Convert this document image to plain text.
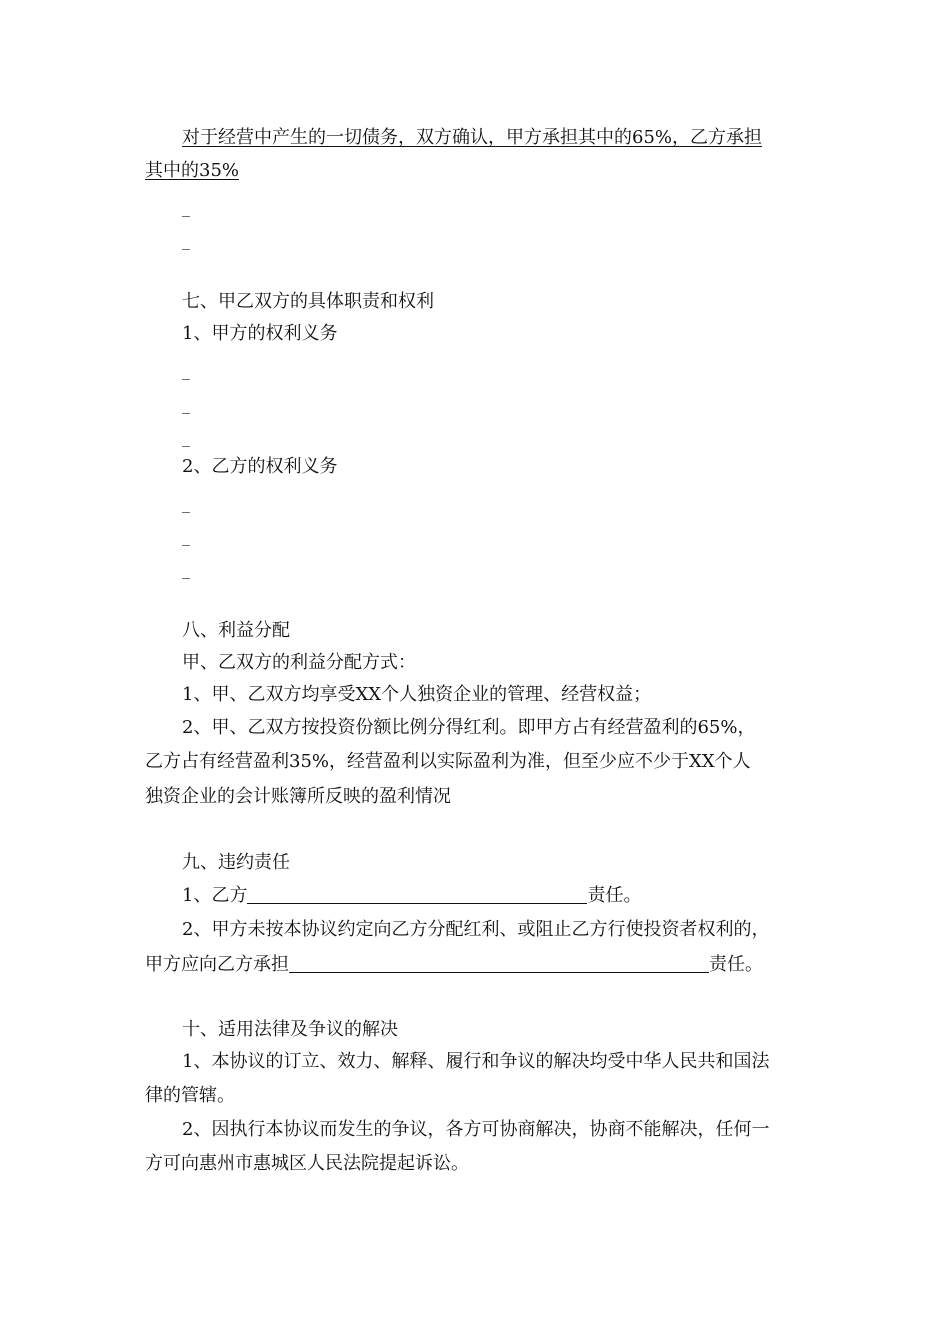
对于经营中产生的一切债务，双方确认，甲方承担其中的65%，乙方承担
其中的35%
_
_
七、甲乙双方的具体职责和权利
1、甲方的权利义务
_
_
_
2、乙方的权利义务
_
_
_
八、利益分配
甲、乙双方的利益分配方式：
1、甲、乙双方均享受XX个人独资企业的管理、经营权益；
2、甲、乙双方按投资份额比例分得红利。即甲方占有经营盈利的65%，
乙方占有经营盈利35%，经营盈利以实际盈利为准，但至少应不少于XX个人
独资企业的会计账簿所反映的盈利情况
九、违约责任
1、乙方	责任。
2、甲方未按本协议约定向乙方分配红利、或阻止乙方行使投资者权利的，
甲方应向乙方承担	责任。
十、适用法律及争议的解决
1、本协议的订立、效力、解释、履行和争议的解决均受中华人民共和国法
律的管辖。
2、因执行本协议而发生的争议，各方可协商解决，协商不能解决，任何一
方可向惠州市惠城区人民法院提起诉讼。
